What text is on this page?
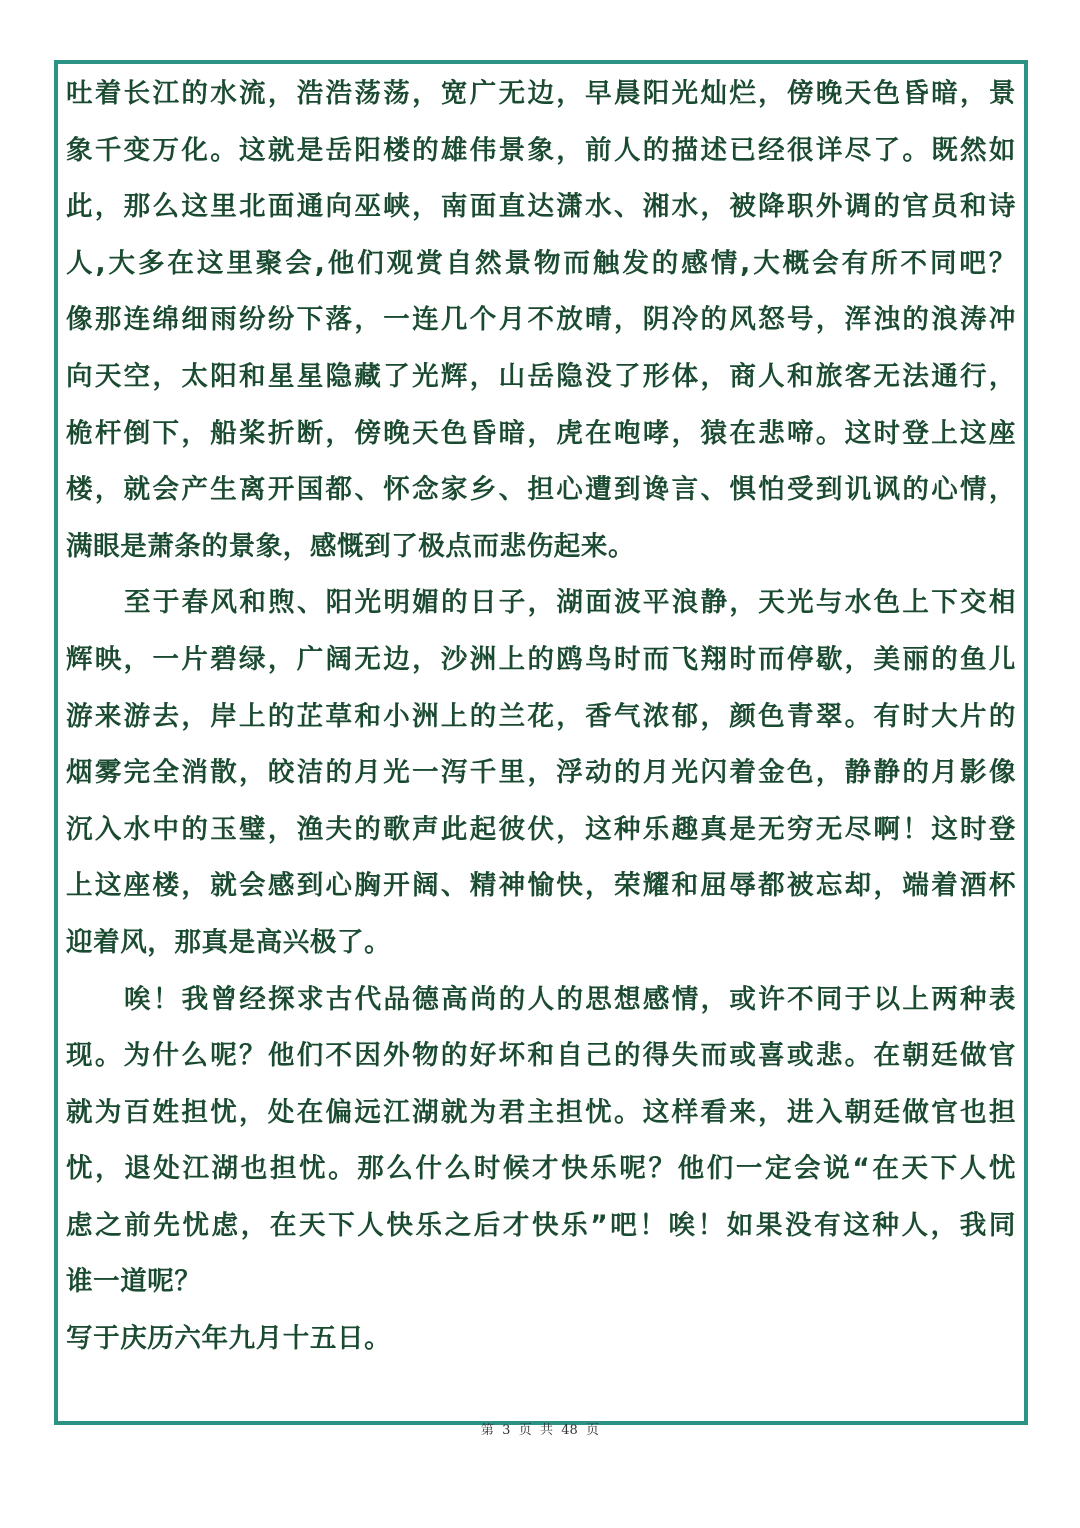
吐着长江的水流，浩浩荡荡，宽广无边，早晨阳光灿烂，傍晚天色昏暗，景
象千变万化。这就是岳阳楼的雄伟景象，前人的描述已经很详尽了。既然如
此，那么这里北面通向巫峡，南面直达潇水、湘水，被降职外调的官员和诗
人,大多在这里聚会,他们观赏自然景物而触发的感情,大概会有所不同吧？
像那连绵细雨纷纷下落，一连几个月不放晴，阴冷的风怒号，浑浊的浪涛冲
向天空，太阳和星星隐藏了光辉，山岳隐没了形体，商人和旅客无法通行，
桅杆倒下，船桨折断，傍晚天色昏暗，虎在咆哮，猿在悲啼。这时登上这座
楼，就会产生离开国都、怀念家乡、担心遭到谗言、惧怕受到讥讽的心情，
满眼是萧条的景象，感慨到了极点而悲伤起来。
至于春风和煦、阳光明媚的日子，湖面波平浪静，天光与水色上下交相
辉映，一片碧绿，广阔无边，沙洲上的鸥鸟时而飞翔时而停歇，美丽的鱼儿
游来游去，岸上的芷草和小洲上的兰花，香气浓郁，颜色青翠。有时大片的
烟雾完全消散，皎洁的月光一泻千里，浮动的月光闪着金色，静静的月影像
沉入水中的玉璧，渔夫的歌声此起彼伏，这种乐趣真是无穷无尽啊！这时登
上这座楼，就会感到心胸开阔、精神愉快，荣耀和屈辱都被忘却，端着酒杯
迎着风，那真是高兴极了。
唉！我曾经探求古代品德高尚的人的思想感情，或许不同于以上两种表
现。为什么呢？他们不因外物的好坏和自己的得失而或喜或悲。在朝廷做官
就为百姓担忧，处在偏远江湖就为君主担忧。这样看来，进入朝廷做官也担
忧，退处江湖也担忧。那么什么时候才快乐呢？他们一定会说“在天下人忧
虑之前先忧虑，在天下人快乐之后才快乐”吧！唉！如果没有这种人，我同
谁一道呢？
写于庆历六年九月十五日。
第  3  页  共  48  页
